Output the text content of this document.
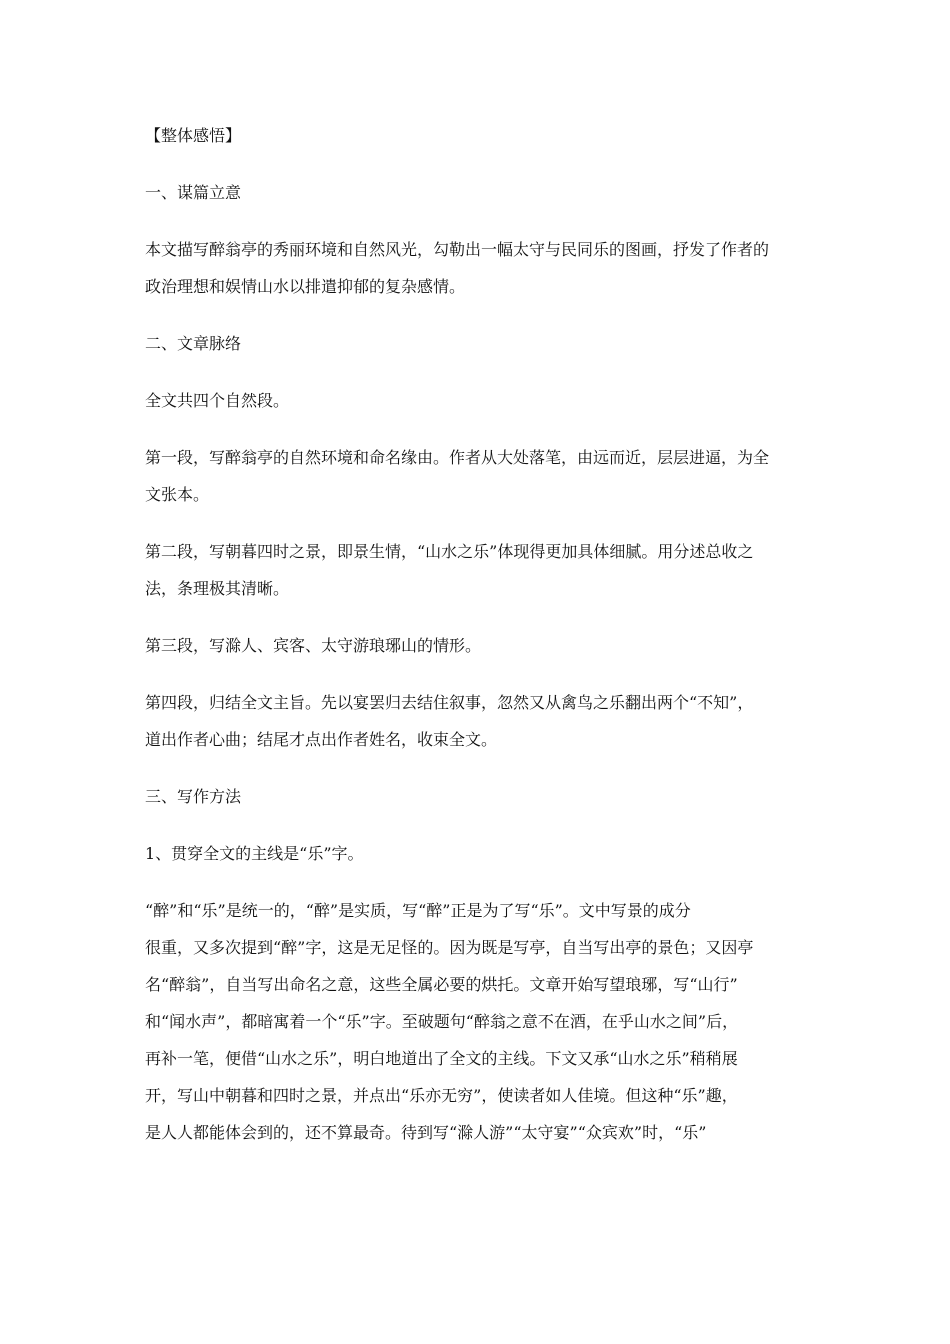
【整体感悟】

一、谋篇立意

本文描写醉翁亭的秀丽环境和自然风光，勾勒出一幅太守与民同乐的图画，抒发了作者的

政治理想和娱情山水以排遣抑郁的复杂感情。

二、文章脉络

全文共四个自然段。

第一段，写醉翁亭的自然环境和命名缘由。作者从大处落笔，由远而近，层层进逼，为全

文张本。

第二段，写朝暮四时之景，即景生情，“山水之乐”体现得更加具体细腻。用分述总收之

法，条理极其清晰。

第三段，写滁人、宾客、太守游琅琊山的情形。

第四段，归结全文主旨。先以宴罢归去结住叙事，忽然又从禽鸟之乐翻出两个“不知”，

道出作者心曲；结尾才点出作者姓名，收束全文。

三、写作方法

1、贯穿全文的主线是“乐”字。

“醉”和“乐”是统一的，“醉”是实质，写“醉”正是为了写“乐”。文中写景的成分

很重，又多次提到“醉”字，这是无足怪的。因为既是写亭，自当写出亭的景色；又因亭

名“醉翁”，自当写出命名之意，这些全属必要的烘托。文章开始写望琅琊，写“山行”

和“闻水声”，都暗寓着一个“乐”字。至破题句“醉翁之意不在酒，在乎山水之间”后，

再补一笔，便借“山水之乐”，明白地道出了全文的主线。下文又承“山水之乐”稍稍展

开，写山中朝暮和四时之景，并点出“乐亦无穷”，使读者如人佳境。但这种“乐”趣，

是人人都能体会到的，还不算最奇。待到写“滁人游”“太守宴”“众宾欢”时，“乐”
